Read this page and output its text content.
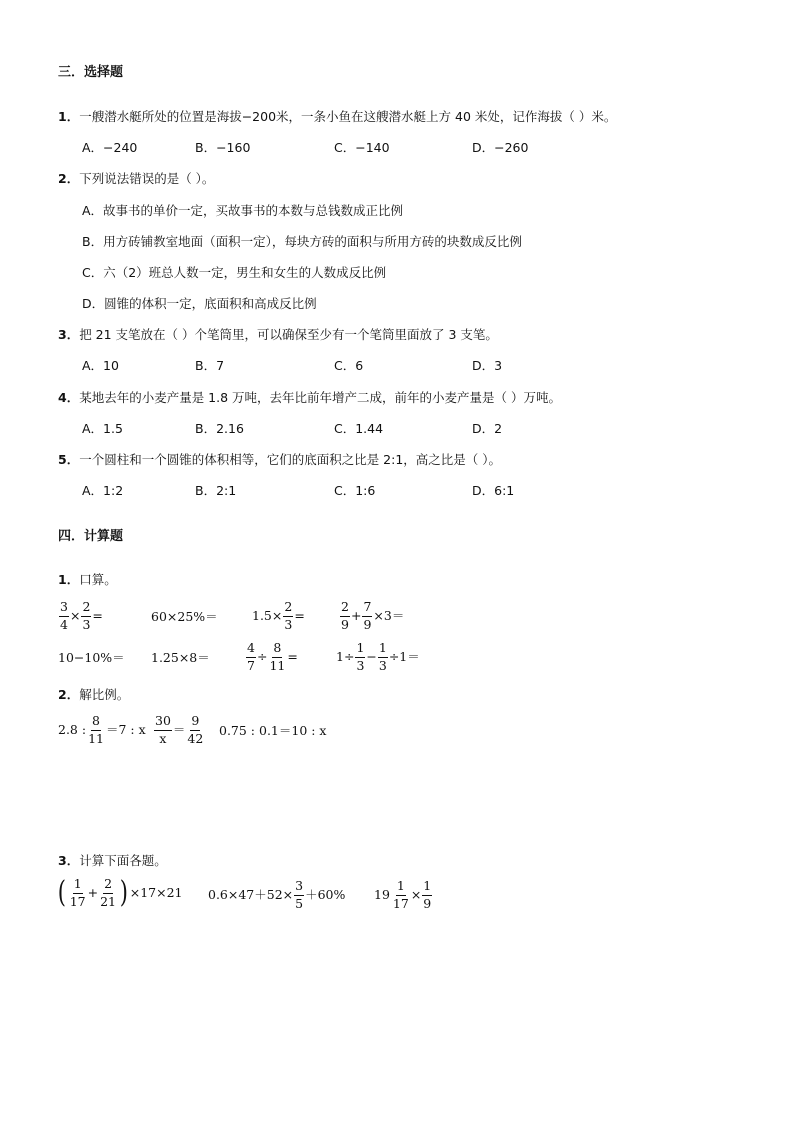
三．选择题
1．一艘潜水艇所处的位置是海拔−200米，一条小鱼在这艘潜水艇上方 40 米处，记作海拔（ ）米。
A．−240	B．−160	C．−140	D．−260
2．下列说法错误的是（ ）。
A．故事书的单价一定，买故事书的本数与总钱数成正比例
B．用方砖铺教室地面（面积一定），每块方砖的面积与所用方砖的块数成反比例
C．六（2）班总人数一定，男生和女生的人数成反比例
D．圆锥的体积一定，底面积和高成反比例
3．把 21 支笔放在（ ）个笔筒里，可以确保至少有一个笔筒里面放了 3 支笔。
A．10	B．7	C．6	D．3
4．某地去年的小麦产量是 1.8 万吨，去年比前年增产二成，前年的小麦产量是（ ）万吨。
A．1.5	B．2.16	C．1.44	D．2
5．一个圆柱和一个圆锥的体积相等，它们的底面积之比是 2:1，高之比是（ ）。
A．1:2	B．2:1	C．1:6	D．6:1
四．计算题
1．口算。
$\frac{3}{4} \times \frac{2}{3}$ =	60×25%＝	$1.5\times \frac{2}{3}$ =	$\frac{2}{9} + \frac{7}{9} \times 3=$
10−10%＝ 1.25×8＝	$\frac{4}{7} \div \frac{8}{11}$ =	$1\div \frac{1}{3} - \frac{1}{3} \div 1=$
2．解比例。
2.8 : $\frac{8}{11} =7$ : x $\frac{30}{x} = \frac{9}{42} 0.75$ : 0.1＝10 : x
3．计算下面各题。
( $\frac{1}{17} + \frac{2}{21}$ ) ×17×21 $0.6\times 47+52\times \frac{3}{5} +60\%$ $19 \frac{1}{17} \times \frac{1}{9}$
